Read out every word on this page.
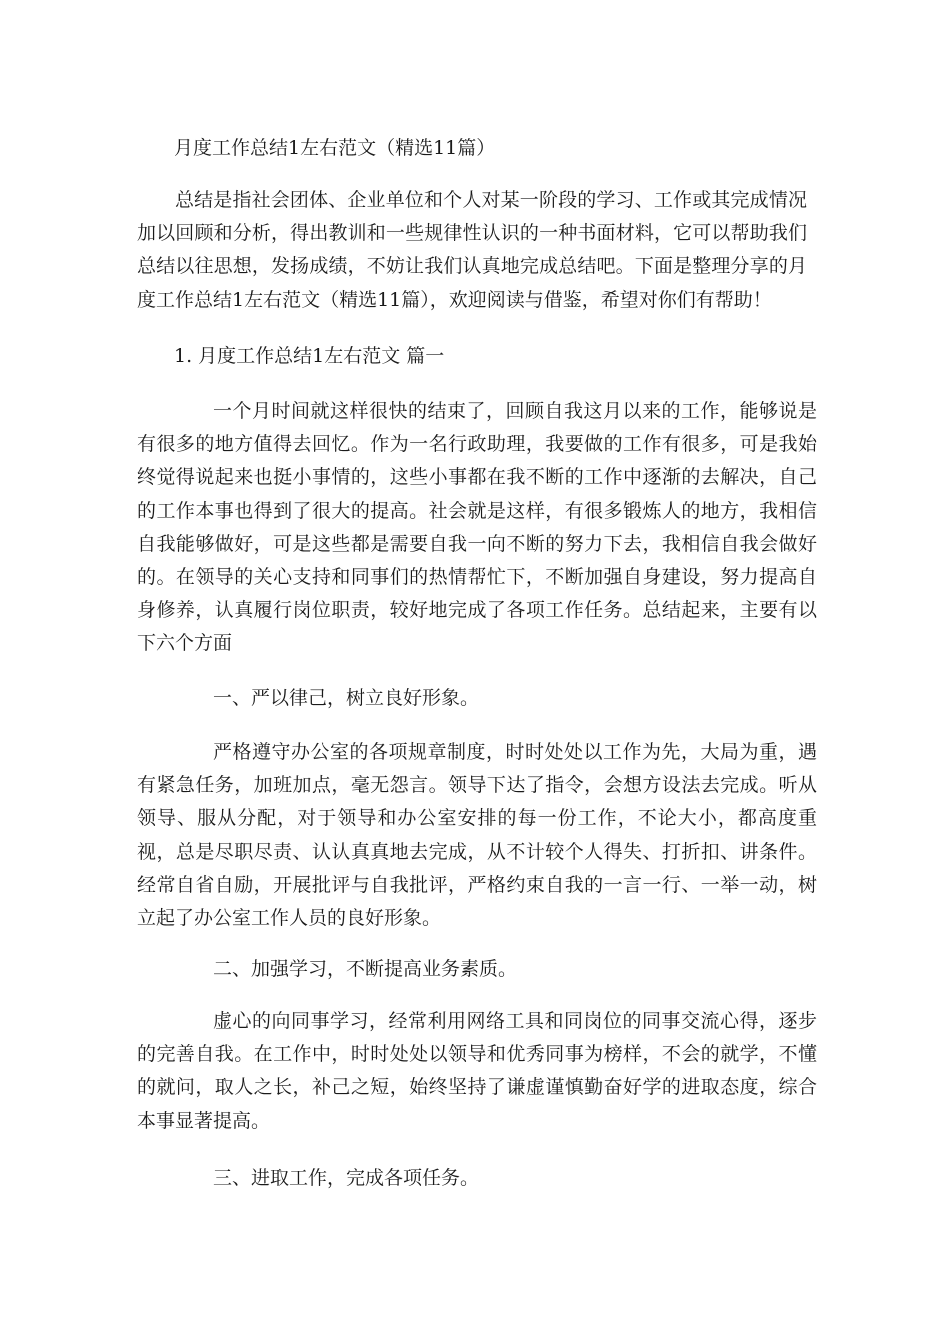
月度工作总结1左右范文（精选11篇）
总结是指社会团体、企业单位和个人对某一阶段的学习、工作或其完成情况加以回顾和分析，得出教训和一些规律性认识的一种书面材料，它可以帮助我们总结以往思想，发扬成绩，不妨让我们认真地完成总结吧。下面是整理分享的月度工作总结1左右范文（精选11篇），欢迎阅读与借鉴，希望对你们有帮助！
1. 月度工作总结1左右范文 篇一
一个月时间就这样很快的结束了，回顾自我这月以来的工作，能够说是有很多的地方值得去回忆。作为一名行政助理，我要做的工作有很多，可是我始终觉得说起来也挺小事情的，这些小事都在我不断的工作中逐渐的去解决，自己的工作本事也得到了很大的提高。社会就是这样，有很多锻炼人的地方，我相信自我能够做好，可是这些都是需要自我一向不断的努力下去，我相信自我会做好的。在领导的关心支持和同事们的热情帮忙下，不断加强自身建设，努力提高自身修养，认真履行岗位职责，较好地完成了各项工作任务。总结起来，主要有以下六个方面
一、严以律己，树立良好形象。
严格遵守办公室的各项规章制度，时时处处以工作为先，大局为重，遇有紧急任务，加班加点，毫无怨言。领导下达了指令，会想方设法去完成。听从领导、服从分配，对于领导和办公室安排的每一份工作，不论大小，都高度重视，总是尽职尽责、认认真真地去完成，从不计较个人得失、打折扣、讲条件。经常自省自励，开展批评与自我批评，严格约束自我的一言一行、一举一动，树立起了办公室工作人员的良好形象。
二、加强学习，不断提高业务素质。
虚心的向同事学习，经常利用网络工具和同岗位的同事交流心得，逐步的完善自我。在工作中，时时处处以领导和优秀同事为榜样，不会的就学，不懂的就问，取人之长，补己之短，始终坚持了谦虚谨慎勤奋好学的进取态度，综合本事显著提高。
三、进取工作，完成各项任务。
